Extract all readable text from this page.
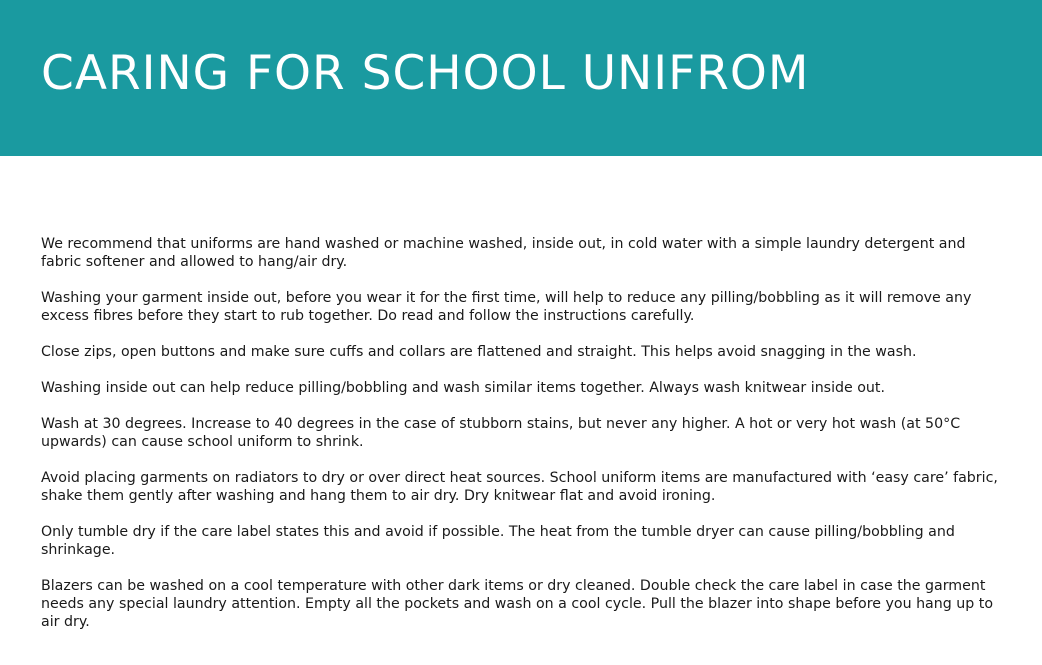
CARING FOR SCHOOL UNIFROM

We recommend that uniforms are hand washed or machine washed, inside out, in cold water with a simple laundry detergent and fabric softener and allowed to hang/air dry.

Washing your garment inside out, before you wear it for the first time, will help to reduce any pilling/bobbling as it will remove any excess fibres before they start to rub together. Do read and follow the instructions carefully.

Close zips, open buttons and make sure cuffs and collars are flattened and straight. This helps avoid snagging in the wash.

Washing inside out can help reduce pilling/bobbling and wash similar items together. Always wash knitwear inside out.

Wash at 30 degrees. Increase to 40 degrees in the case of stubborn stains, but never any higher. A hot or very hot wash (at 50°C upwards) can cause school uniform to shrink.

Avoid placing garments on radiators to dry or over direct heat sources. School uniform items are manufactured with ‘easy care’ fabric, shake them gently after washing and hang them to air dry. Dry knitwear flat and avoid ironing.

Only tumble dry if the care label states this and avoid if possible. The heat from the tumble dryer can cause pilling/bobbling and shrinkage.

Blazers can be washed on a cool temperature with other dark items or dry cleaned. Double check the care label in case the garment needs any special laundry attention. Empty all the pockets and wash on a cool cycle. Pull the blazer into shape before you hang up to air dry.
